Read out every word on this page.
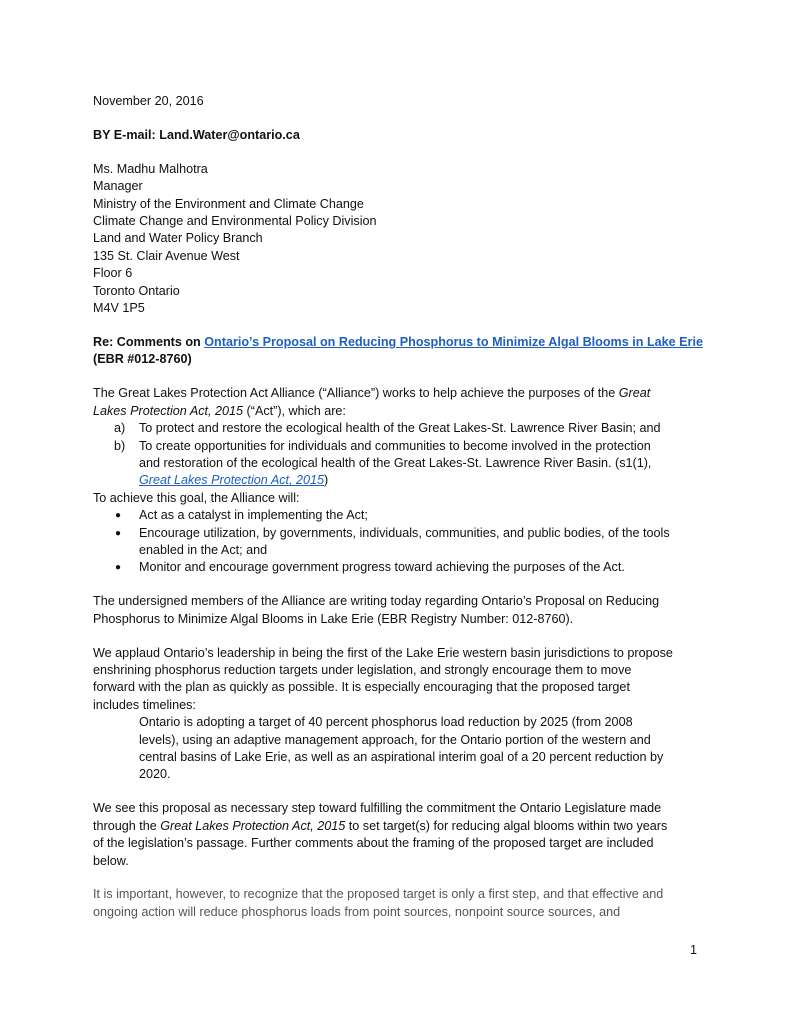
November 20, 2016
BY E-mail: Land.Water@ontario.ca
Ms. Madhu Malhotra
Manager
Ministry of the Environment and Climate Change
Climate Change and Environmental Policy Division
Land and Water Policy Branch
135 St. Clair Avenue West
Floor 6
Toronto Ontario
M4V 1P5
Re: Comments on Ontario’s Proposal on Reducing Phosphorus to Minimize Algal Blooms in Lake Erie
(EBR #012-8760)
The Great Lakes Protection Act Alliance (“Alliance”) works to help achieve the purposes of the Great
Lakes Protection Act, 2015 (“Act”), which are:
a) To protect and restore the ecological health of the Great Lakes-St. Lawrence River Basin; and
b) To create opportunities for individuals and communities to become involved in the protection
and restoration of the ecological health of the Great Lakes-St. Lawrence River Basin. (s1(1),
Great Lakes Protection Act, 2015)
To achieve this goal, the Alliance will:
● Act as a catalyst in implementing the Act;
● Encourage utilization, by governments, individuals, communities, and public bodies, of the tools
enabled in the Act; and
● Monitor and encourage government progress toward achieving the purposes of the Act.
The undersigned members of the Alliance are writing today regarding Ontario’s Proposal on Reducing
Phosphorus to Minimize Algal Blooms in Lake Erie (EBR Registry Number: 012-8760).
We applaud Ontario’s leadership in being the first of the Lake Erie western basin jurisdictions to propose
enshrining phosphorus reduction targets under legislation, and strongly encourage them to move
forward with the plan as quickly as possible. It is especially encouraging that the proposed target
includes timelines:
Ontario is adopting a target of 40 percent phosphorus load reduction by 2025 (from 2008
levels), using an adaptive management approach, for the Ontario portion of the western and
central basins of Lake Erie, as well as an aspirational interim goal of a 20 percent reduction by
2020.
We see this proposal as necessary step toward fulfilling the commitment the Ontario Legislature made
through the Great Lakes Protection Act, 2015 to set target(s) for reducing algal blooms within two years
of the legislation’s passage. Further comments about the framing of the proposed target are included
below.
It is important, however, to recognize that the proposed target is only a first step, and that effective and
ongoing action will reduce phosphorus loads from point sources, nonpoint source sources, and
1
